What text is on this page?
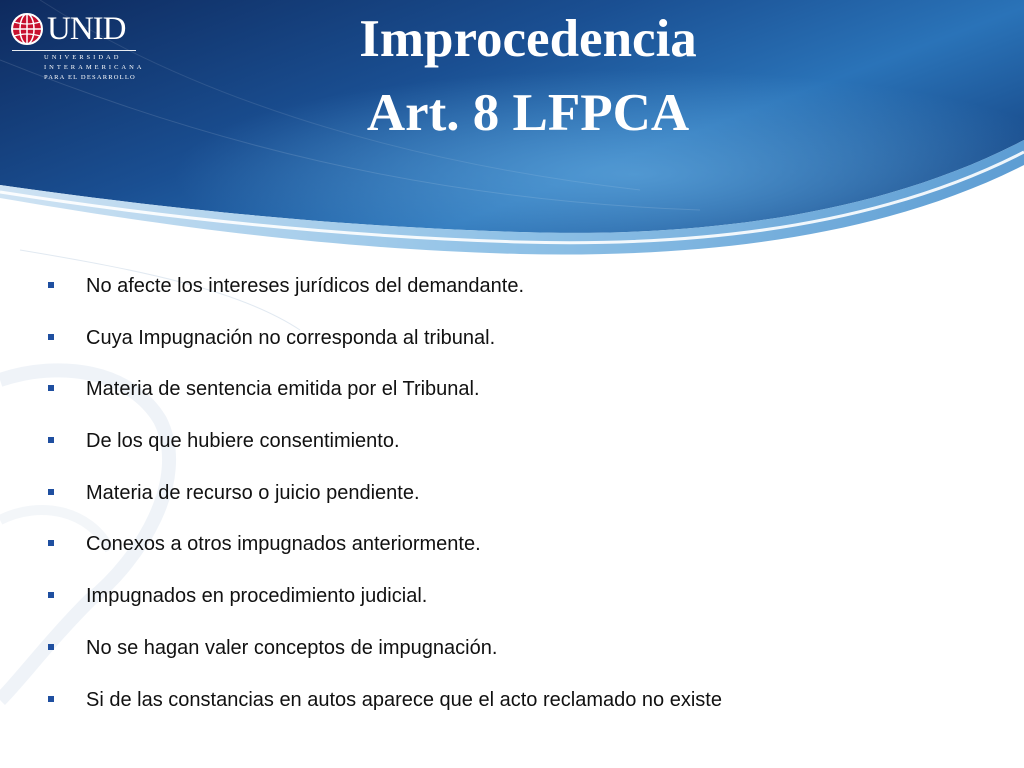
UNID
UNIVERSIDAD
INTERAMERICANA
PARA EL DESARROLLO
Improcedencia
Art. 8 LFPCA
No afecte los intereses jurídicos del demandante.
Cuya Impugnación no corresponda al tribunal.
Materia de sentencia emitida por el Tribunal.
De los que hubiere consentimiento.
Materia de recurso o juicio pendiente.
Conexos a otros impugnados anteriormente.
Impugnados en procedimiento judicial.
No se hagan valer conceptos de impugnación.
Si de las constancias en autos aparece que el acto reclamado no existe
